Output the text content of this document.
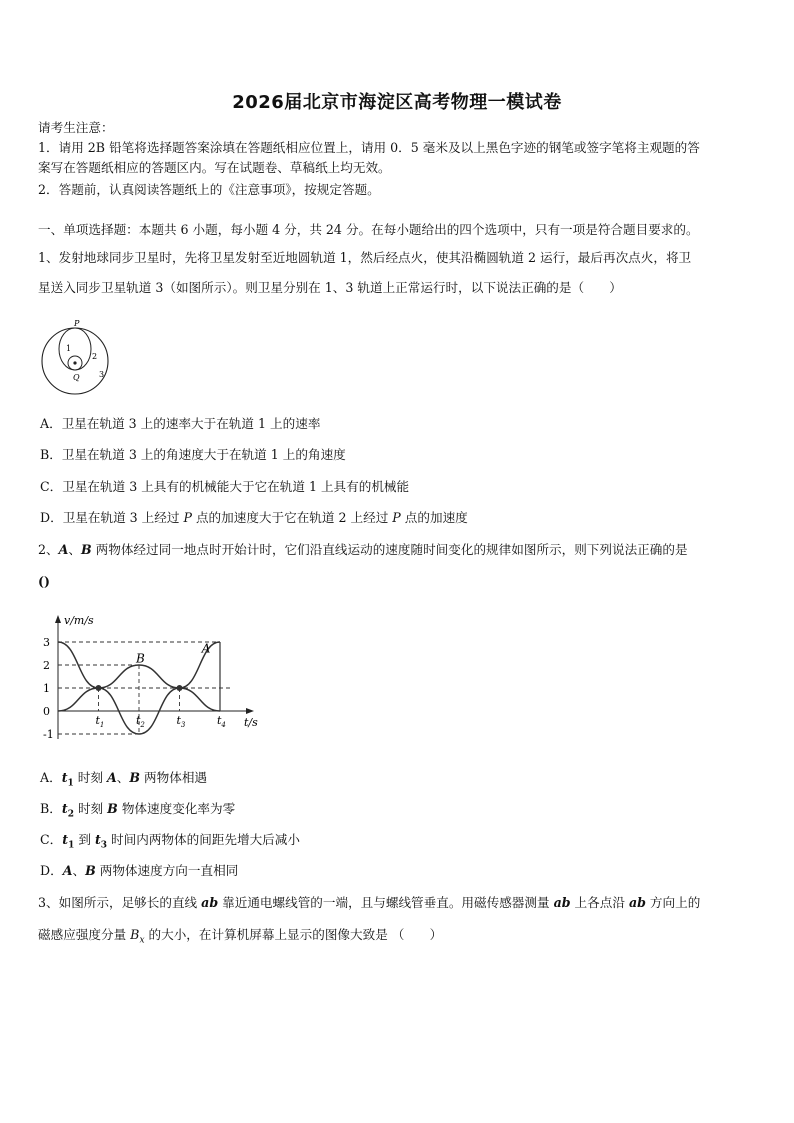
2026届北京市海淀区高考物理一模试卷
请考生注意：
1．请用 2B 铅笔将选择题答案涂填在答题纸相应位置上，请用 0．5 毫米及以上黑色字迹的钢笔或签字笔将主观题的答
案写在答题纸相应的答题区内。写在试题卷、草稿纸上均无效。
2．答题前，认真阅读答题纸上的《注意事项》，按规定答题。
一、单项选择题：本题共 6 小题，每小题 4 分，共 24 分。在每小题给出的四个选项中，只有一项是符合题目要求的。
1、发射地球同步卫星时，先将卫星发射至近地圆轨道 1，然后经点火，使其沿椭圆轨道 2 运行，最后再次点火，将卫
星送入同步卫星轨道 3（如图所示）。则卫星分别在 1、3 轨道上正常运行时，以下说法正确的是（　　）
P
Q
1
2
3
A．卫星在轨道 3 上的速率大于在轨道 1 上的速率
B．卫星在轨道 3 上的角速度大于在轨道 1 上的角速度
C．卫星在轨道 3 上具有的机械能大于它在轨道 1 上具有的机械能
D．卫星在轨道 3 上经过 P 点的加速度大于它在轨道 2 上经过 P 点的加速度
2、A、B 两物体经过同一地点时开始计时，它们沿直线运动的速度随时间变化的规律如图所示，则下列说法正确的是
()
v/m/s
t/s
3
2
1
0
-1
$t_1$	$t_2$	$t_3$	$t_4$
A
B
A．$t_1$ 时刻 A、B 两物体相遇
B．$t_2$ 时刻 B 物体速度变化率为零
C．$t_1$ 到 $t_3$ 时间内两物体的间距先增大后减小
D．A、B 两物体速度方向一直相同
3、如图所示，足够长的直线 ab 靠近通电螺线管的一端，且与螺线管垂直。用磁传感器测量 ab 上各点沿 ab 方向上的
磁感应强度分量 $B_x$ 的大小，在计算机屏幕上显示的图像大致是 （　　）
